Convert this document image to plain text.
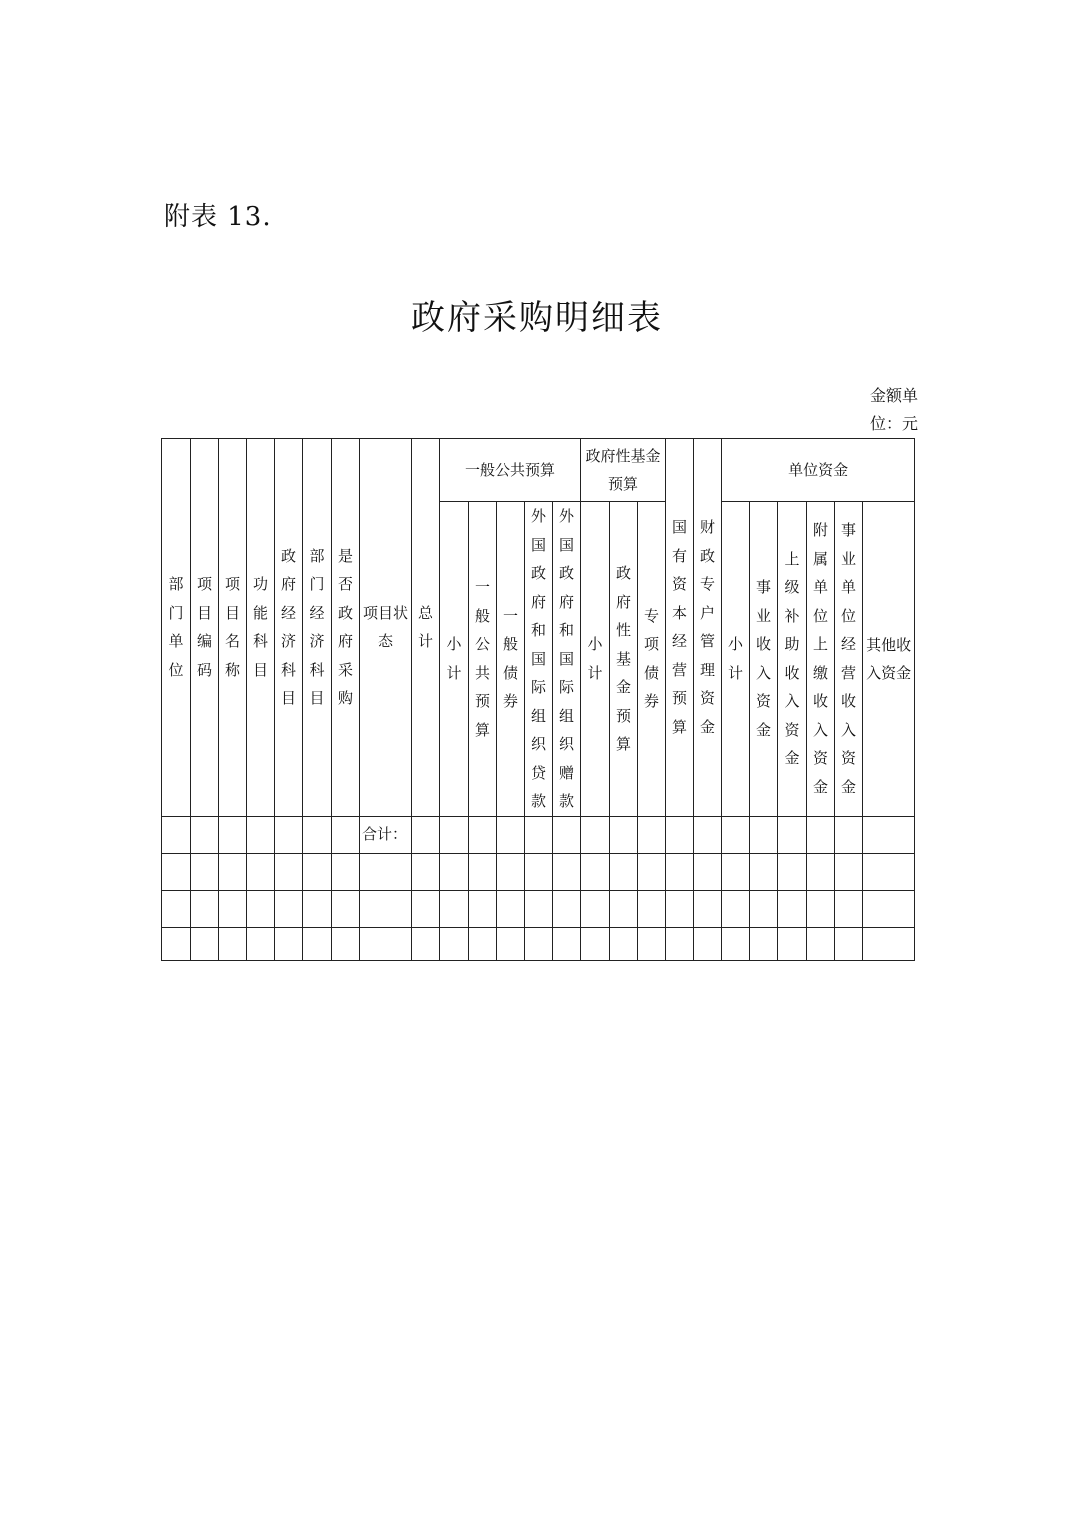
附表 13.
政府采购明细表
金额单
位：元
部门单位	项目编码	项目名称	功能科目	政府经济科目	部门经济科目	是否政府采购	项目状态	总计	一般公共预算					政府性基金预算			国有资本经营预算	财政专户管理资金	单位资金					
									小计	一般公共预算	一般债券	外国政府和国际组织贷款	外国政府和国际组织赠款	小计	政府性基金预算	专项债券			小计	事业收入资金	上级补助收入资金	附属单位上缴收入资金	事业单位经营收入资金	其他收入资金
							合计：																	
